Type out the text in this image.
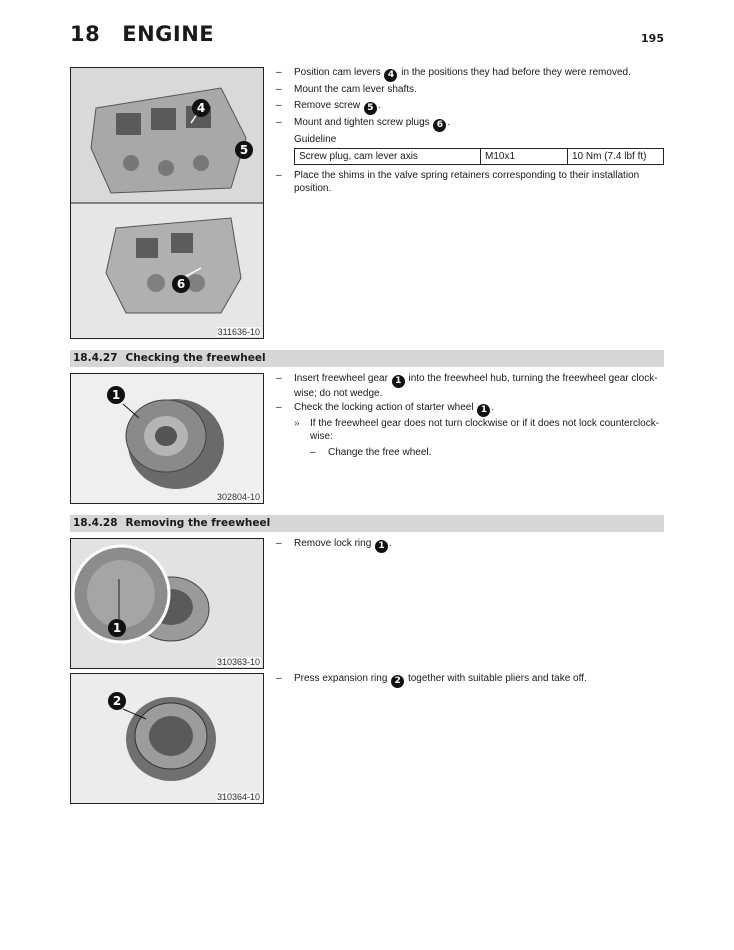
18 ENGINE	195
4
5
6
311636-10
– Position cam levers 4 in the positions they had before they were removed.
– Mount the cam lever shafts.
– Remove screw 5 .
– Mount and tighten screw plugs 6 .
Guideline
Screw plug, cam lever axis	M10x1	10 Nm (7.4 lbf ft)
– Place the shims in the valve spring retainers corresponding to their installation position.
18.4.27 Checking the freewheel
1
302804-10
– Insert freewheel gear 1 into the freewheel hub, turning the freewheel gear clock-wise; do not wedge.
– Check the locking action of starter wheel 1 .
» If the freewheel gear does not turn clockwise or if it does not lock counterclock-wise:
– Change the free wheel.
18.4.28 Removing the freewheel
1
310363-10
– Remove lock ring 1 .
2
310364-10
– Press expansion ring 2 together with suitable pliers and take off.
